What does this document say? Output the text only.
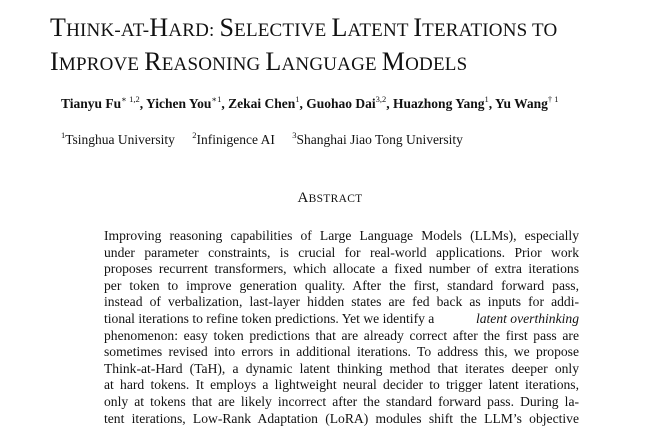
THINK-AT-HARD: SELECTIVE LATENT ITERATIONS TO
IMPROVE REASONING LANGUAGE MODELS
Tianyu $Fu^{∗ 1,2}$, Yichen You$^{∗1}$, Zekai Chen$^1$, Guohao Dai$^{3,2}$, Huazhong Yang$^1$, Yu Wang$^{\dagger 1}$
$^1$Tsinghua University $^2$Infinigence AI $^3$Shanghai Jiao Tong University
ABSTRACT
Improving reasoning capabilities of Large Language Models (LLMs), especially
under parameter constraints, is crucial for real-world applications. Prior work
proposes recurrent transformers, which allocate a fixed number of extra iterations
per token to improve generation quality. After the first, standard forward pass,
instead of verbalization, last-layer hidden states are fed back as inputs for addi-
tional iterations to refine token predictions. Yet we identify a	latent overthinking
phenomenon: easy token predictions that are already correct after the first pass are
sometimes revised into errors in additional iterations. To address this, we propose
Think-at-Hard (TaH), a dynamic latent thinking method that iterates deeper only
at hard tokens. It employs a lightweight neural decider to trigger latent iterations,
only at tokens that are likely incorrect after the standard forward pass. During la-
tent iterations, Low-Rank Adaptation (LoRA) modules shift the LLM’s objective
